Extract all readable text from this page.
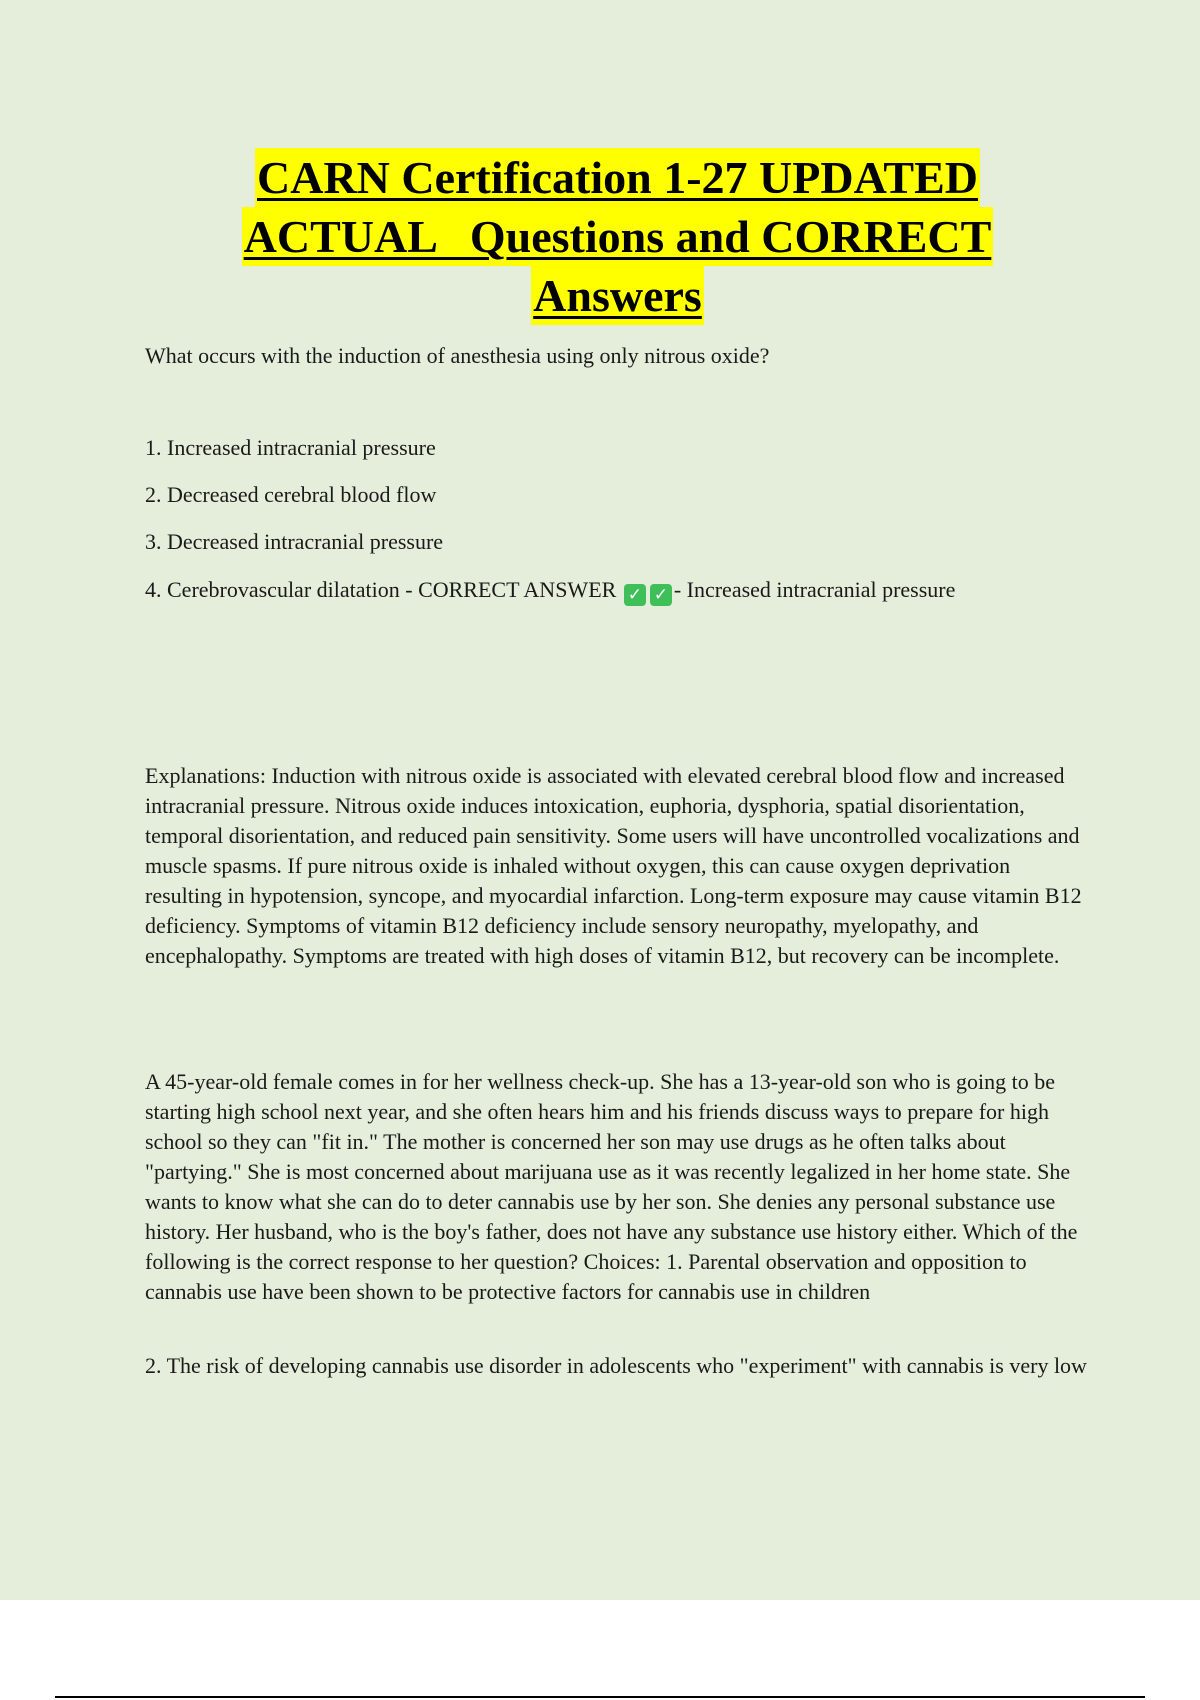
CARN Certification 1-27 UPDATED
ACTUAL   Questions and CORRECT
Answers
What occurs with the induction of anesthesia using only nitrous oxide?
1. Increased intracranial pressure
2. Decreased cerebral blood flow
3. Decreased intracranial pressure
4. Cerebrovascular dilatation - CORRECT ANSWER ✓ ✓ - Increased intracranial pressure
Explanations: Induction with nitrous oxide is associated with elevated cerebral blood flow and increased intracranial pressure. Nitrous oxide induces intoxication, euphoria, dysphoria, spatial disorientation, temporal disorientation, and reduced pain sensitivity. Some users will have uncontrolled vocalizations and muscle spasms. If pure nitrous oxide is inhaled without oxygen, this can cause oxygen deprivation resulting in hypotension, syncope, and myocardial infarction. Long-term exposure may cause vitamin B12 deficiency. Symptoms of vitamin B12 deficiency include sensory neuropathy, myelopathy, and encephalopathy. Symptoms are treated with high doses of vitamin B12, but recovery can be incomplete.
A 45-year-old female comes in for her wellness check-up. She has a 13-year-old son who is going to be starting high school next year, and she often hears him and his friends discuss ways to prepare for high school so they can "fit in." The mother is concerned her son may use drugs as he often talks about "partying." She is most concerned about marijuana use as it was recently legalized in her home state. She wants to know what she can do to deter cannabis use by her son. She denies any personal substance use history. Her husband, who is the boy's father, does not have any substance use history either. Which of the following is the correct response to her question? Choices: 1. Parental observation and opposition to cannabis use have been shown to be protective factors for cannabis use in children
2. The risk of developing cannabis use disorder in adolescents who "experiment" with cannabis is very low
